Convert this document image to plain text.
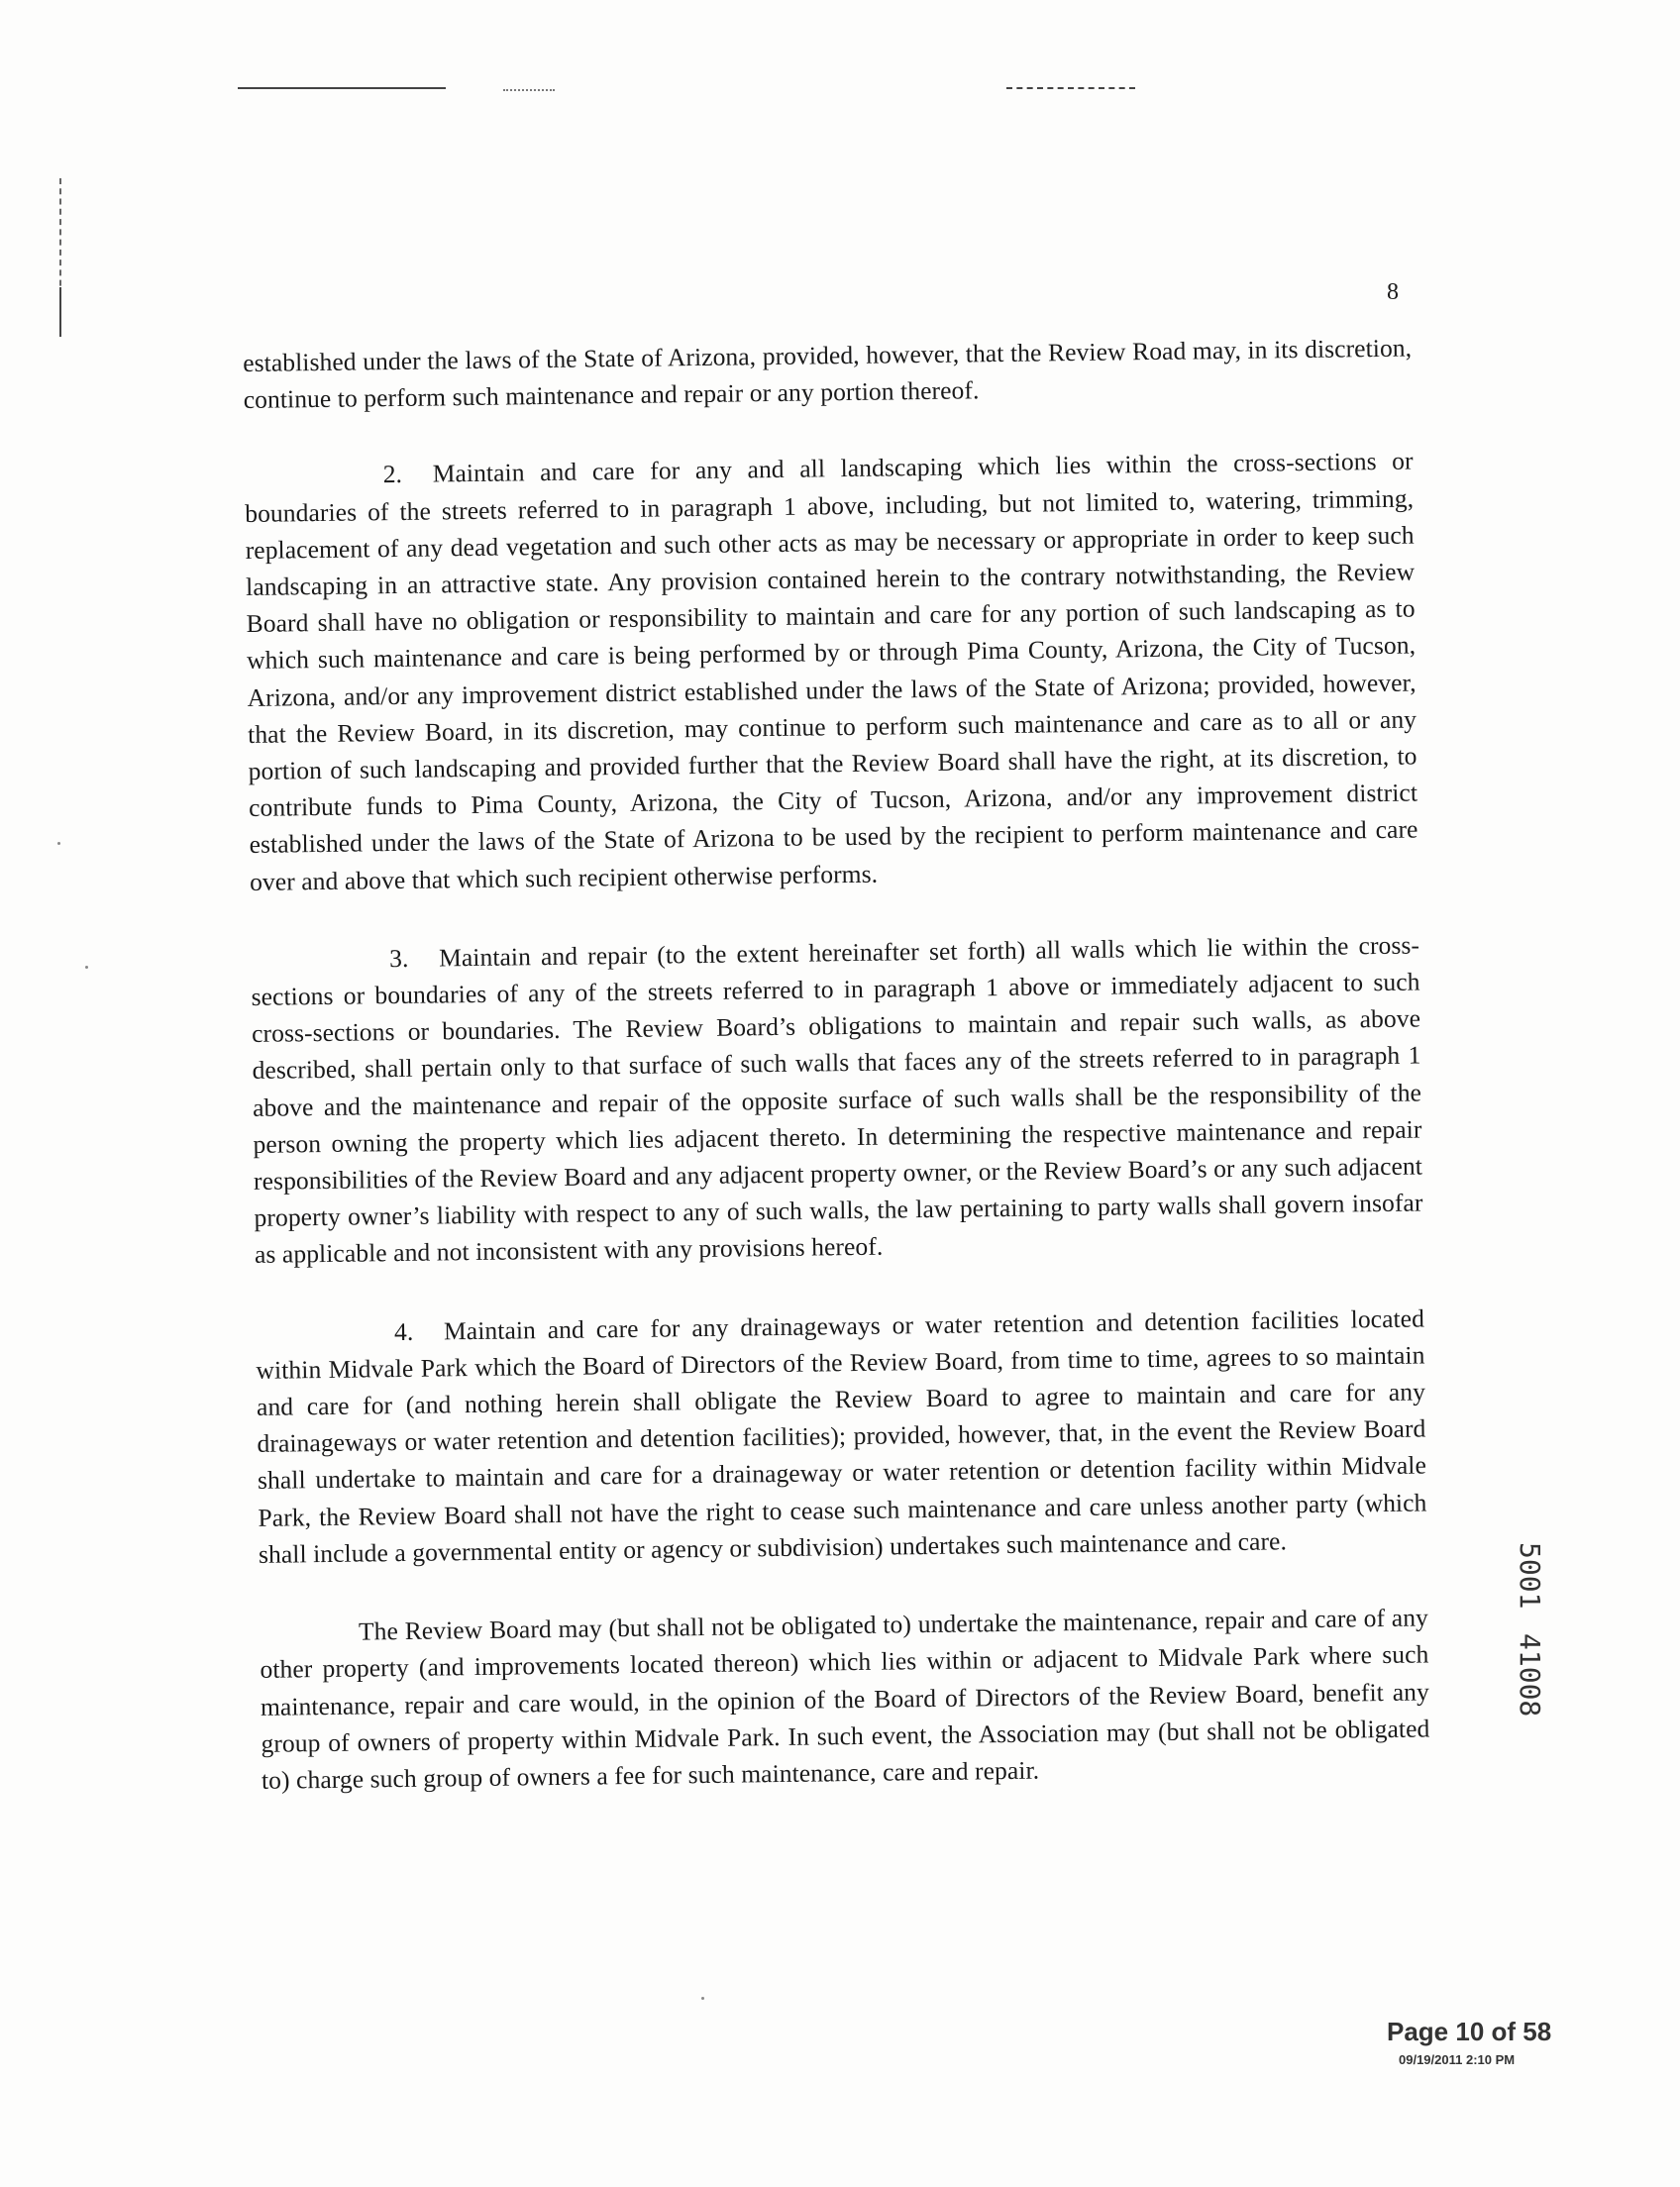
8

established under the laws of the State of Arizona, provided, however, that the Review Road may, in its discretion, continue to perform such maintenance and repair or any portion thereof.

2. Maintain and care for any and all landscaping which lies within the cross-sections or boundaries of the streets referred to in paragraph 1 above, including, but not limited to, watering, trimming, replacement of any dead vegetation and such other acts as may be necessary or appropriate in order to keep such landscaping in an attractive state. Any provision contained herein to the contrary notwithstanding, the Review Board shall have no obligation or responsibility to maintain and care for any portion of such landscaping as to which such maintenance and care is being performed by or through Pima County, Arizona, the City of Tucson, Arizona, and/or any improvement district established under the laws of the State of Arizona; provided, however, that the Review Board, in its discretion, may continue to perform such maintenance and care as to all or any portion of such landscaping and provided further that the Review Board shall have the right, at its discretion, to contribute funds to Pima County, Arizona, the City of Tucson, Arizona, and/or any improvement district established under the laws of the State of Arizona to be used by the recipient to perform maintenance and care over and above that which such recipient otherwise performs.

3. Maintain and repair (to the extent hereinafter set forth) all walls which lie within the cross-sections or boundaries of any of the streets referred to in paragraph 1 above or immediately adjacent to such cross-sections or boundaries. The Review Board’s obligations to maintain and repair such walls, as above described, shall pertain only to that surface of such walls that faces any of the streets referred to in paragraph 1 above and the maintenance and repair of the opposite surface of such walls shall be the responsibility of the person owning the property which lies adjacent thereto. In determining the respective maintenance and repair responsibilities of the Review Board and any adjacent property owner, or the Review Board’s or any such adjacent property owner’s liability with respect to any of such walls, the law pertaining to party walls shall govern insofar as applicable and not inconsistent with any provisions hereof.

4. Maintain and care for any drainageways or water retention and detention facilities located within Midvale Park which the Board of Directors of the Review Board, from time to time, agrees to so maintain and care for (and nothing herein shall obligate the Review Board to agree to maintain and care for any drainageways or water retention and detention facilities); provided, however, that, in the event the Review Board shall undertake to maintain and care for a drainageway or water retention or detention facility within Midvale Park, the Review Board shall not have the right to cease such maintenance and care unless another party (which shall include a governmental entity or agency or subdivision) undertakes such maintenance and care.

The Review Board may (but shall not be obligated to) undertake the maintenance, repair and care of any other property (and improvements located thereon) which lies within or adjacent to Midvale Park where such maintenance, repair and care would, in the opinion of the Board of Directors of the Review Board, benefit any group of owners of property within Midvale Park. In such event, the Association may (but shall not be obligated to) charge such group of owners a fee for such maintenance, care and repair.

5001
41008
Page 10 of 58
09/19/2011 2:10 PM
